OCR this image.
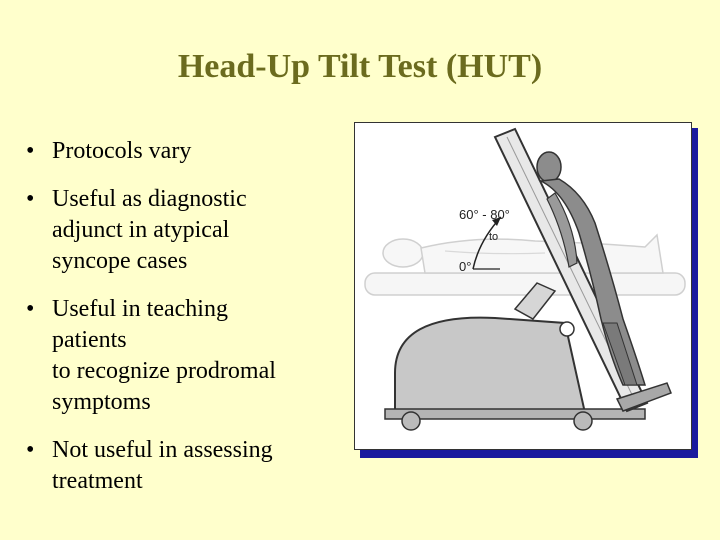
Head-Up Tilt Test (HUT)
• Protocols vary
• Useful as diagnostic
adjunct in atypical
syncope cases
• Useful in teaching
patients
to recognize prodromal
symptoms
• Not useful in assessing
treatment
60° - 80°
to
0°
